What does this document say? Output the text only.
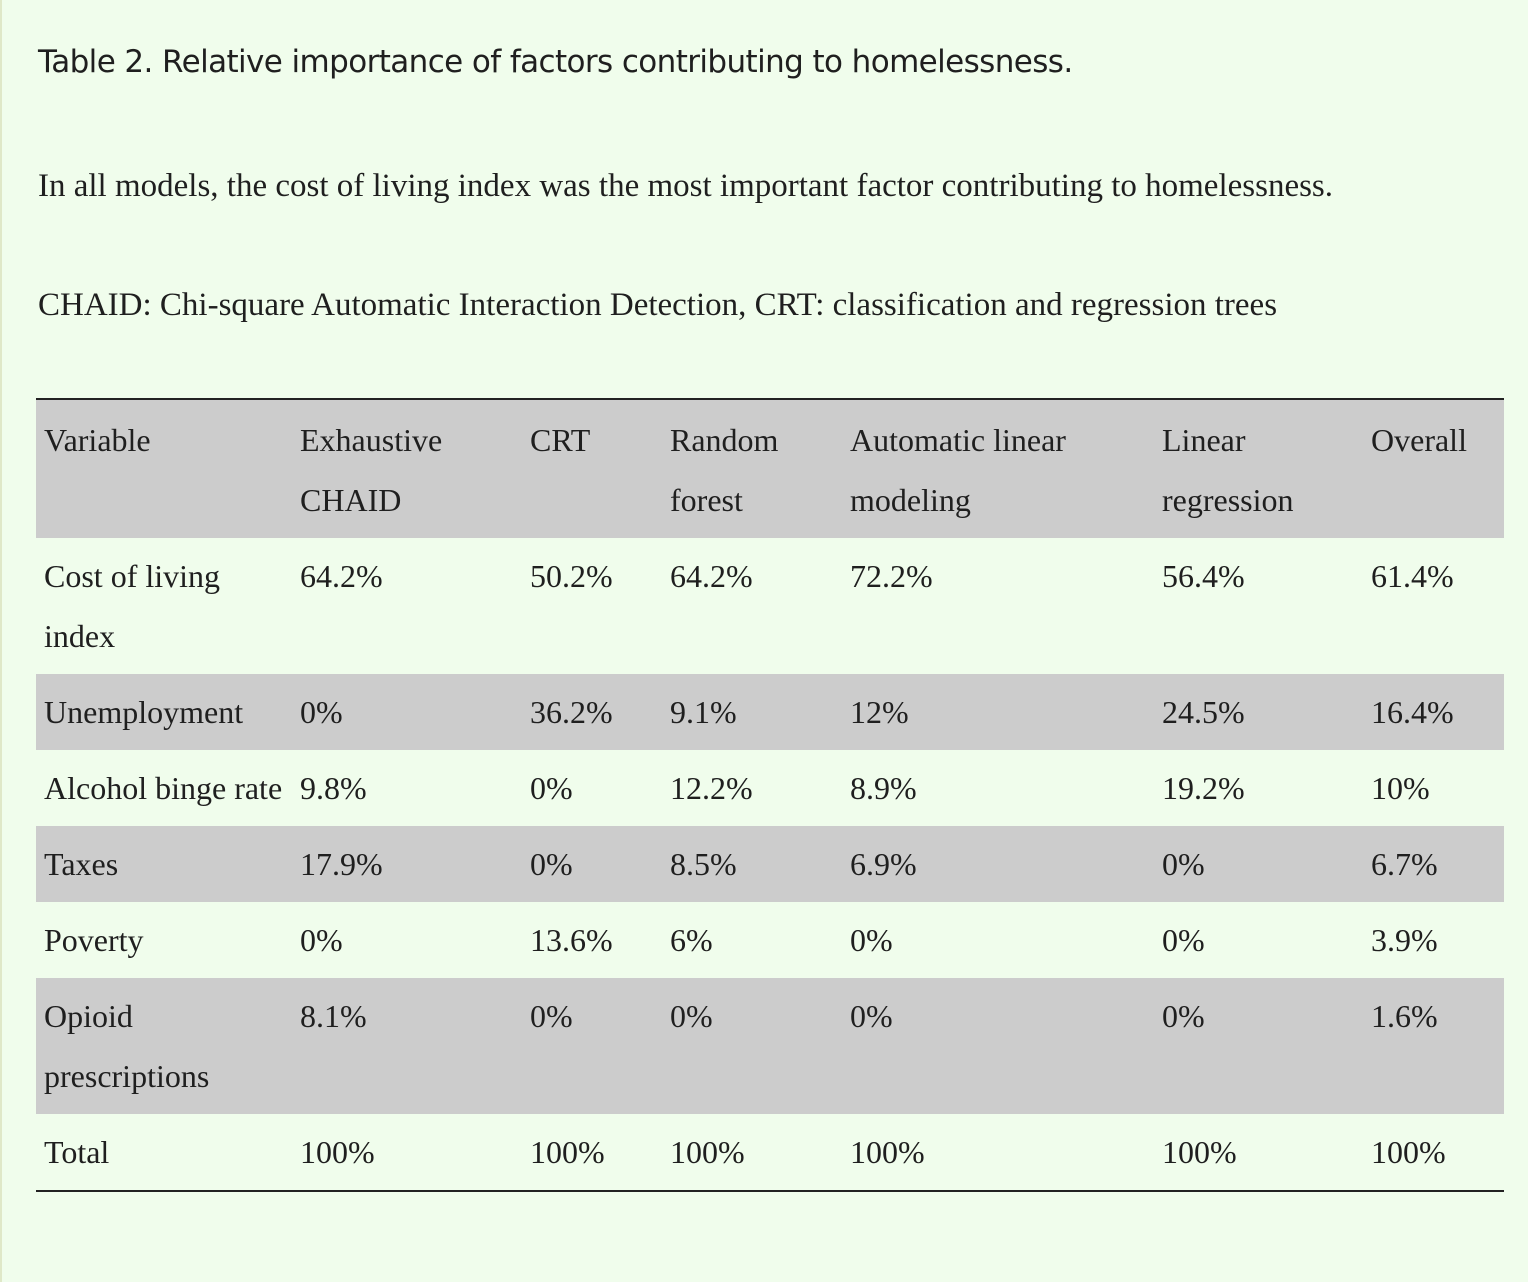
Table 2. Relative importance of factors contributing to homelessness.

In all models, the cost of living index was the most important factor contributing to homelessness.

CHAID: Chi-square Automatic Interaction Detection, CRT: classification and regression trees

Variable	Exhaustive CHAID	CRT	Random forest	Automatic linear modeling	Linear regression	Overall
Cost of living index	64.2%	50.2%	64.2%	72.2%	56.4%	61.4%
Unemployment	0%	36.2%	9.1%	12%	24.5%	16.4%
Alcohol binge rate	9.8%	0%	12.2%	8.9%	19.2%	10%
Taxes	17.9%	0%	8.5%	6.9%	0%	6.7%
Poverty	0%	13.6%	6%	0%	0%	3.9%
Opioid prescriptions	8.1%	0%	0%	0%	0%	1.6%
Total	100%	100%	100%	100%	100%	100%
